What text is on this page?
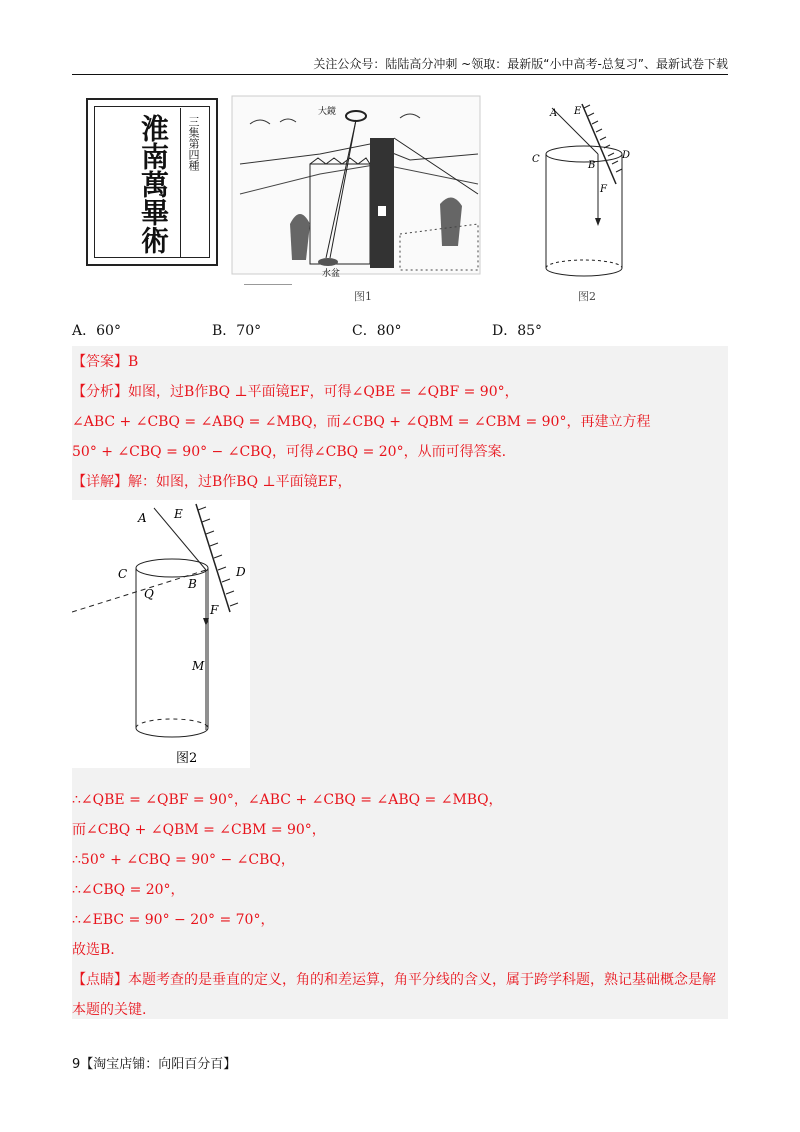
关注公众号：陆陆高分冲刺 ~领取：最新版“小中高考-总复习”、最新试卷下载
淮南萬畢術 三集第四種
大鏡
水盆
图1
A E
C
B
D
F
图2
A．60°	B．70°	C．80°	D．85°
【答案】B
【分析】如图，过B作BQ ⊥平面镜EF，可得∠QBE = ∠QBF = 90°，
∠ABC + ∠CBQ = ∠ABQ = ∠MBQ，而∠CBQ + ∠QBM = ∠CBM = 90°，再建立方程
50° + ∠CBQ = 90° − ∠CBQ，可得∠CBQ = 20°，从而可得答案.
【详解】解：如图，过B作BQ ⊥平面镜EF，
A E
C
B
Q
D
F
M
图2
∴∠QBE = ∠QBF = 90°，∠ABC + ∠CBQ = ∠ABQ = ∠MBQ，
而∠CBQ + ∠QBM = ∠CBM = 90°，
∴50° + ∠CBQ = 90° − ∠CBQ，
∴∠CBQ = 20°，
∴∠EBC = 90° − 20° = 70°，
故选B.
【点睛】本题考查的是垂直的定义，角的和差运算，角平分线的含义，属于跨学科题，熟记基础概念是解
本题的关键.
9【淘宝店铺：向阳百分百】
